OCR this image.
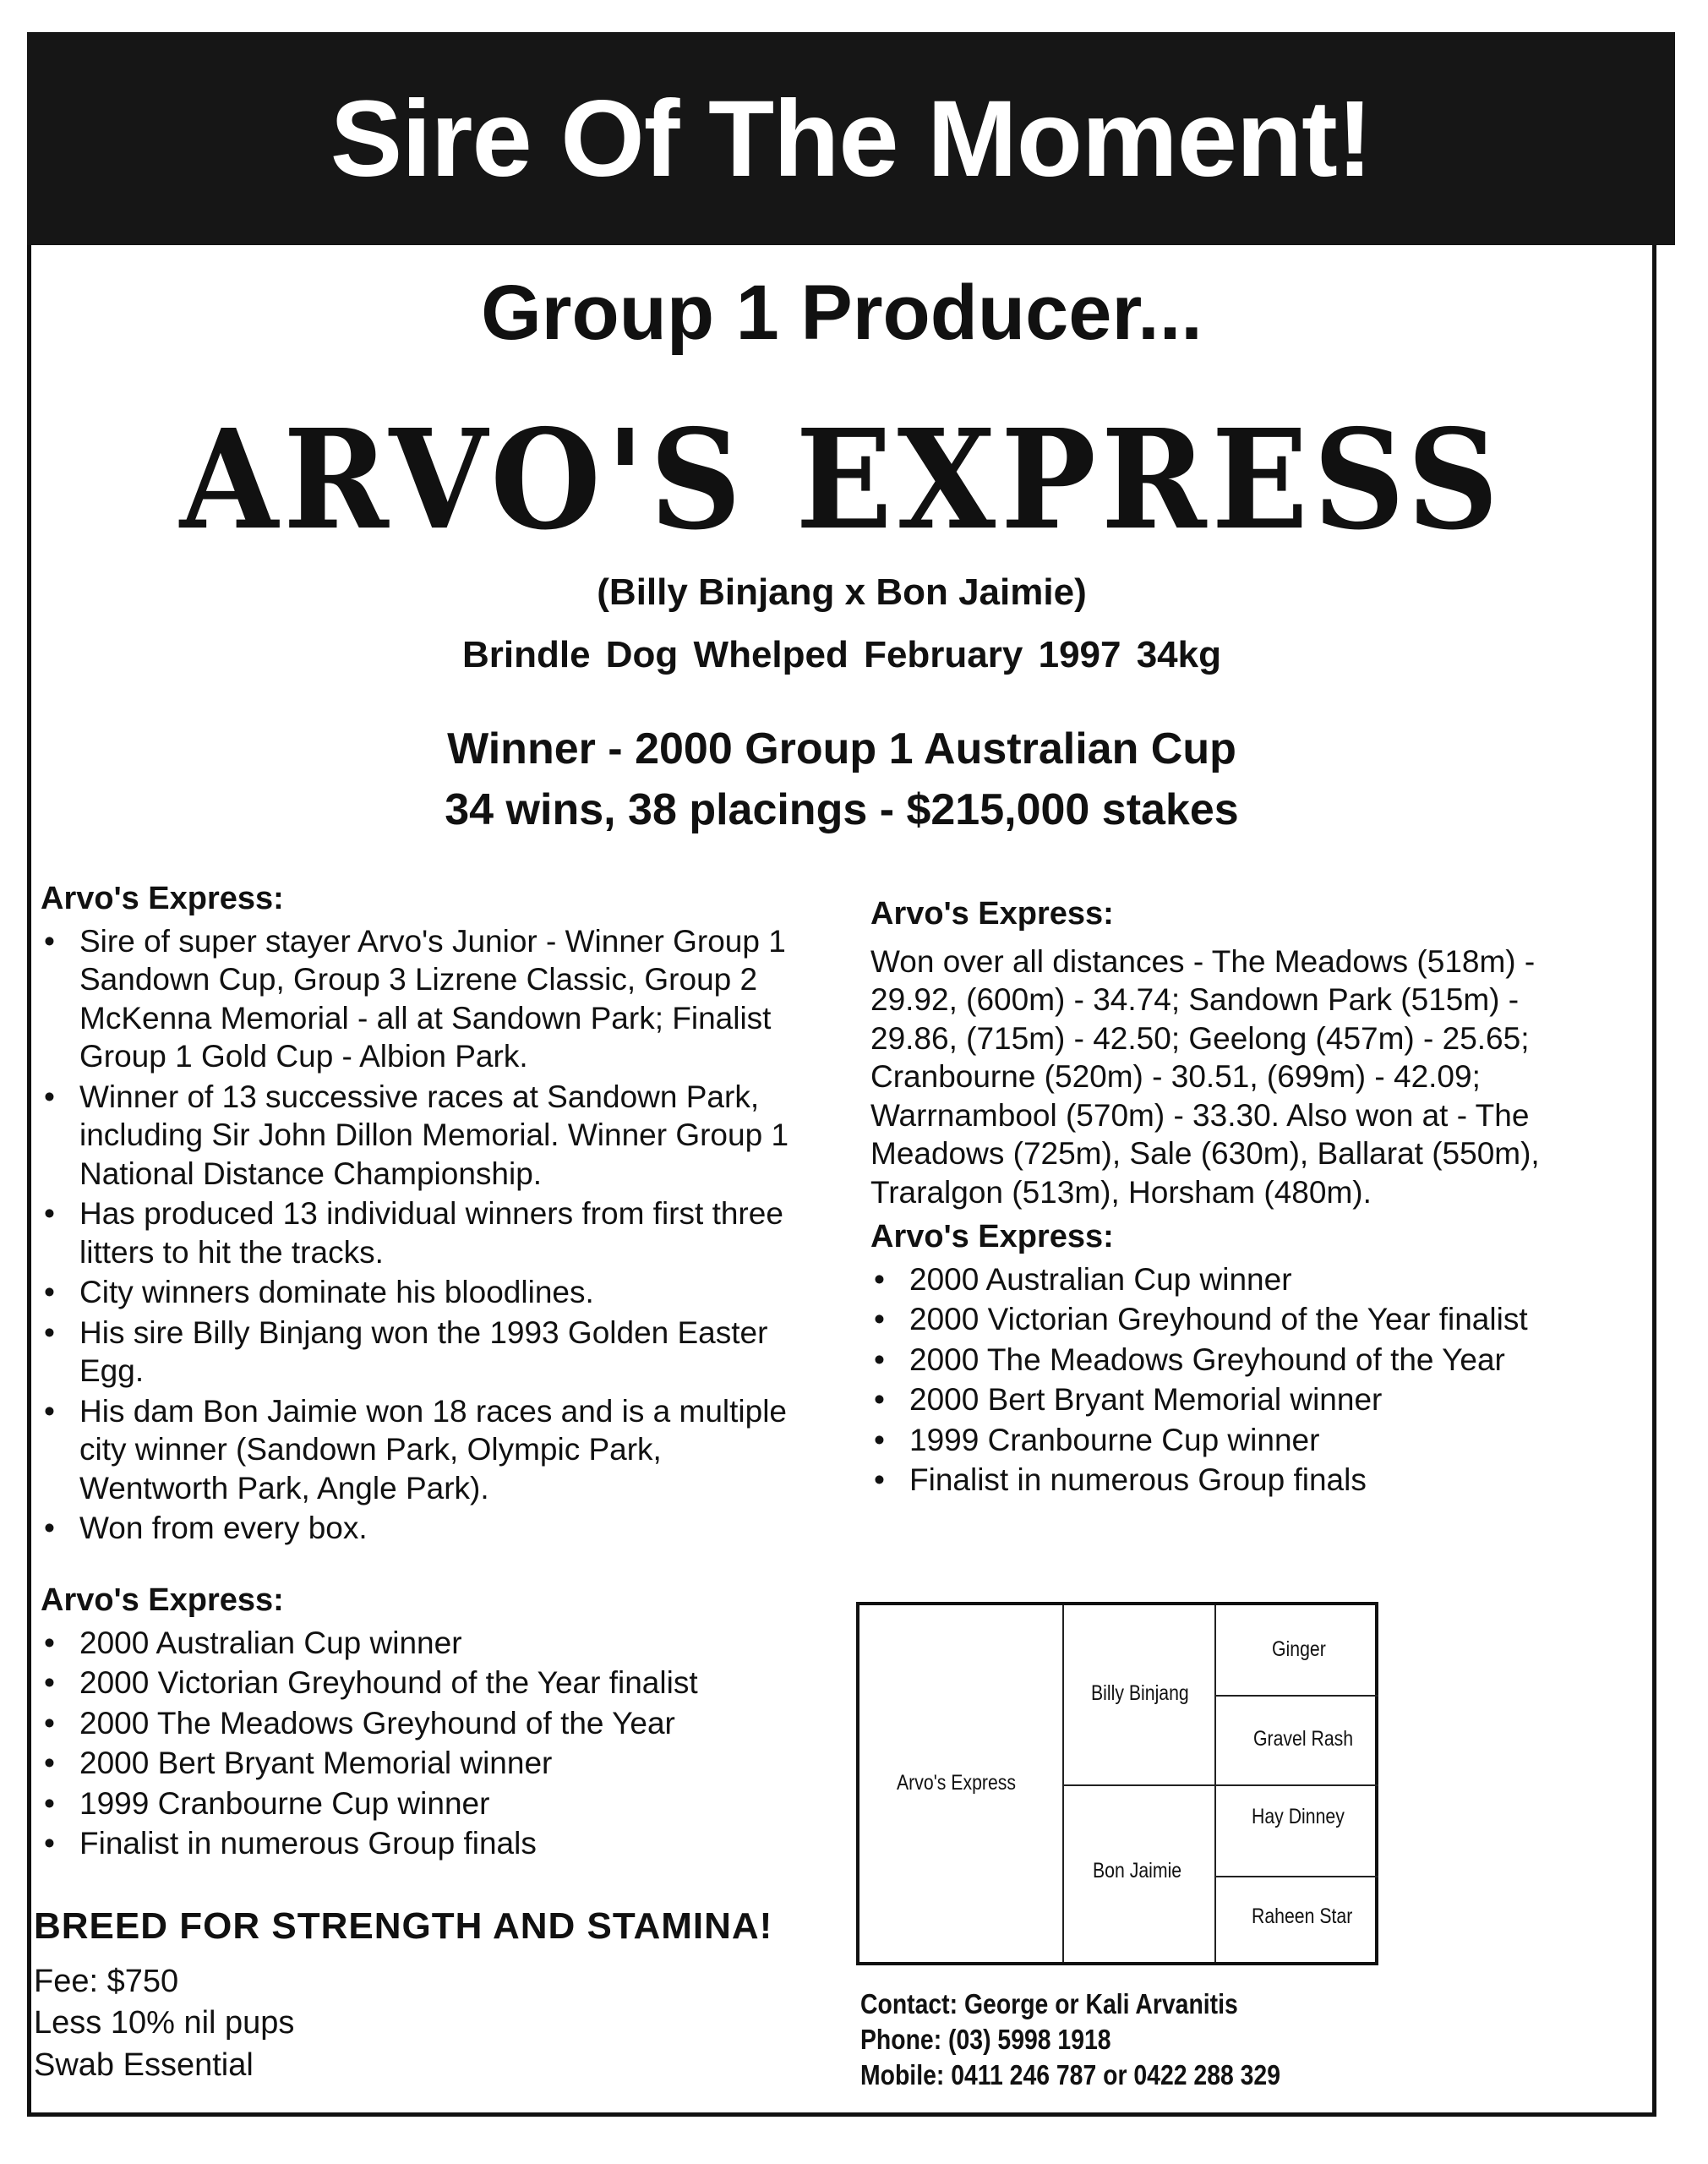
Sire Of The Moment!
Group 1 Producer...
ARVO'S EXPRESS
(Billy Binjang x Bon Jaimie)
Brindle Dog Whelped February 1997 34kg
Winner - 2000 Group 1 Australian Cup
34 wins, 38 placings - $215,000 stakes

Arvo's Express:

• Sire of super stayer Arvo's Junior - Winner Group 1 Sandown Cup, Group 3 Lizrene Classic, Group 2 McKenna Memorial - all at Sandown Park; Finalist Group 1 Gold Cup - Albion Park.
• Winner of 13 successive races at Sandown Park, including Sir John Dillon Memorial. Winner Group 1 National Distance Championship.
• Has produced 13 individual winners from first three litters to hit the tracks.
• City winners dominate his bloodlines.
• His sire Billy Binjang won the 1993 Golden Easter Egg.
• His dam Bon Jaimie won 18 races and is a multiple city winner (Sandown Park, Olympic Park, Wentworth Park, Angle Park).
• Won from every box.

Arvo's Express:

• 2000 Australian Cup winner
• 2000 Victorian Greyhound of the Year finalist
• 2000 The Meadows Greyhound of the Year
• 2000 Bert Bryant Memorial winner
• 1999 Cranbourne Cup winner
• Finalist in numerous Group finals

Arvo's Express:

Won over all distances - The Meadows (518m) - 29.92, (600m) - 34.74; Sandown Park (515m) - 29.86, (715m) - 42.50; Geelong (457m) - 25.65; Cranbourne (520m) - 30.51, (699m) - 42.09; Warrnambool (570m) - 33.30. Also won at - The Meadows (725m), Sale (630m), Ballarat (550m), Traralgon (513m), Horsham (480m).

Arvo's Express:

• 2000 Australian Cup winner
• 2000 Victorian Greyhound of the Year finalist
• 2000 The Meadows Greyhound of the Year
• 2000 Bert Bryant Memorial winner
• 1999 Cranbourne Cup winner
• Finalist in numerous Group finals
BREED FOR STRENGTH AND STAMINA!
Fee: $750
Less 10% nil pups
Swab Essential
Arvo's Express
Billy Binjang
Bon Jaimie
Ginger
Gravel Rash
Hay Dinney
Raheen Star
Contact: George or Kali Arvanitis
Phone: (03) 5998 1918
Mobile: 0411 246 787 or 0422 288 329
